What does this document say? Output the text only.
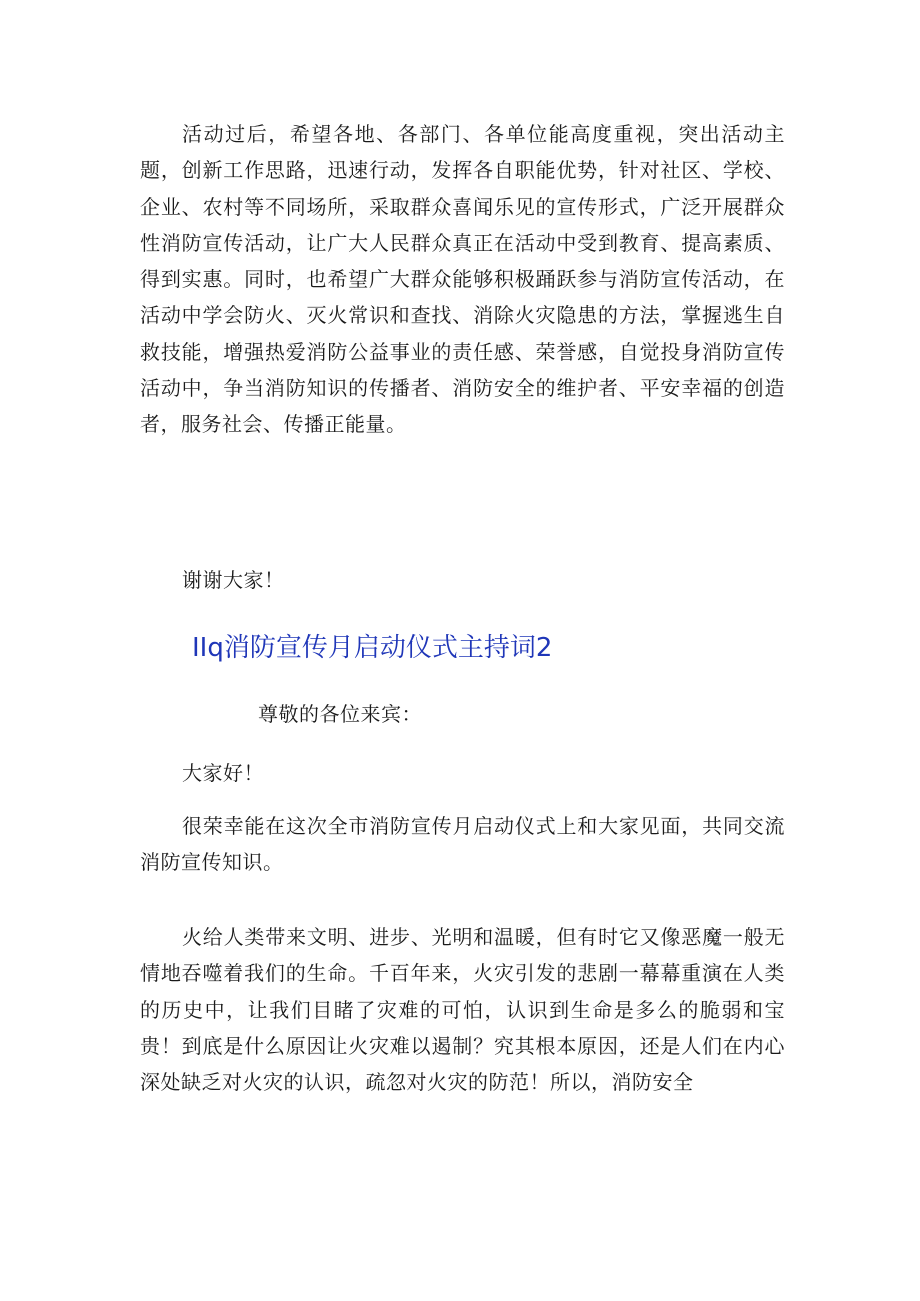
活动过后，希望各地、各部门、各单位能高度重视，突出活动主题，创新工作思路，迅速行动，发挥各自职能优势，针对社区、学校、企业、农村等不同场所，采取群众喜闻乐见的宣传形式，广泛开展群众性消防宣传活动，让广大人民群众真正在活动中受到教育、提高素质、得到实惠。同时，也希望广大群众能够积极踊跃参与消防宣传活动，在活动中学会防火、灭火常识和查找、消除火灾隐患的方法，掌握逃生自救技能，增强热爱消防公益事业的责任感、荣誉感，自觉投身消防宣传活动中，争当消防知识的传播者、消防安全的维护者、平安幸福的创造者，服务社会、传播正能量。

谢谢大家！

IIq消防宣传月启动仪式主持词2

尊敬的各位来宾：

大家好！

很荣幸能在这次全市消防宣传月启动仪式上和大家见面，共同交流消防宣传知识。

火给人类带来文明、进步、光明和温暖，但有时它又像恶魔一般无情地吞噬着我们的生命。千百年来，火灾引发的悲剧一幕幕重演在人类的历史中，让我们目睹了灾难的可怕，认识到生命是多么的脆弱和宝贵！到底是什么原因让火灾难以遏制？究其根本原因，还是人们在内心深处缺乏对火灾的认识，疏忽对火灾的防范！所以，消防安全
